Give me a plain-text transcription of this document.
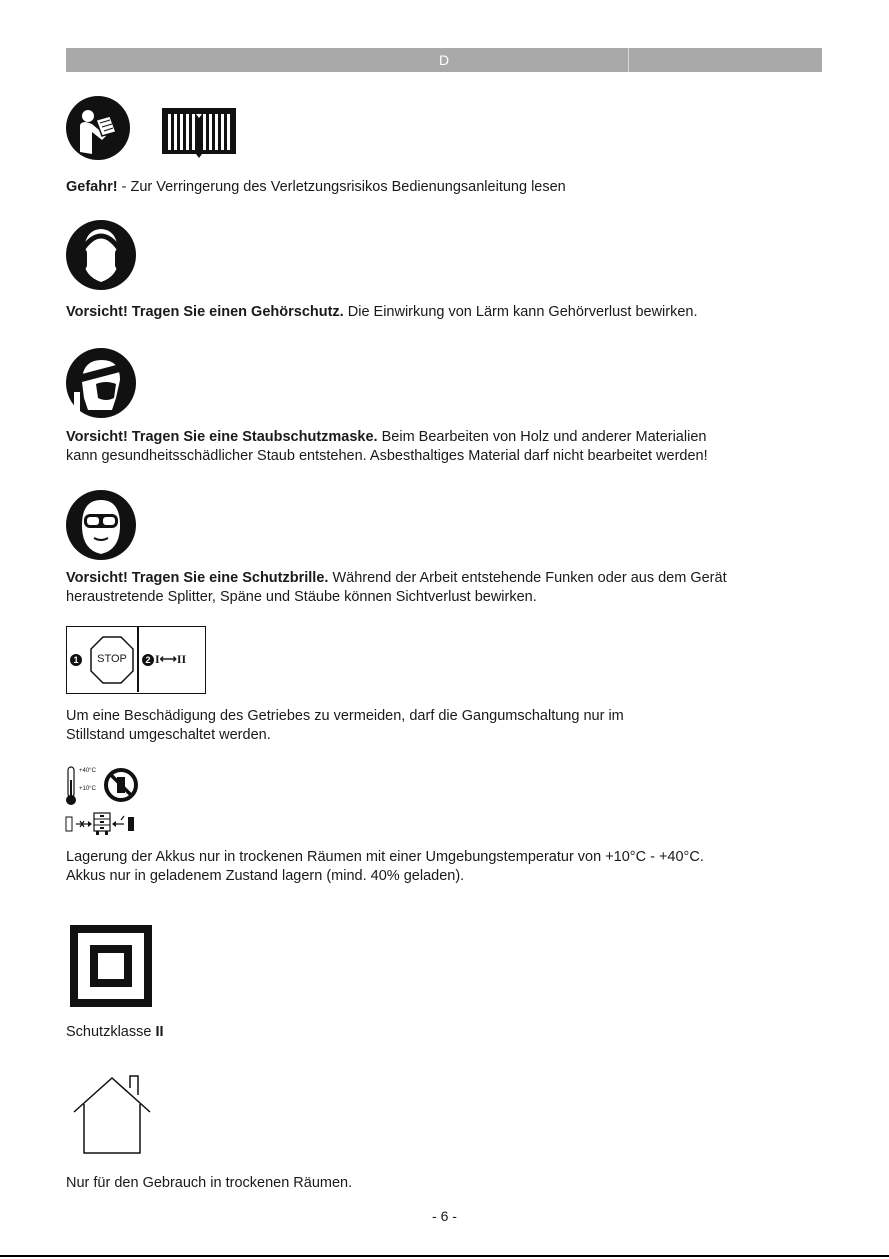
D
Gefahr! - Zur Verringerung des Verletzungsrisikos Bedienungsanleitung lesen
Vorsicht! Tragen Sie einen Gehörschutz. Die Einwirkung von Lärm kann Gehörverlust bewirken.
Vorsicht! Tragen Sie eine Staubschutzmaske. Beim Bearbeiten von Holz und anderer Materialien
kann gesundheitsschädlicher Staub entstehen. Asbesthaltiges Material darf nicht bearbeitet werden!
Vorsicht! Tragen Sie eine Schutzbrille. Während der Arbeit entstehende Funken oder aus dem Gerät
heraustretende Splitter, Späne und Stäube können Sichtverlust bewirken.
1	STOP	2 I⟷II
Um eine Beschädigung des Getriebes zu vermeiden, darf die Gangumschaltung nur im
Stillstand umgeschaltet werden.
+40°C
+10°C
Lagerung der Akkus nur in trockenen Räumen mit einer Umgebungstemperatur von +10°C - +40°C.
Akkus nur in geladenem Zustand lagern (mind. 40% geladen).
Schutzklasse II
Nur für den Gebrauch in trockenen Räumen.
- 6 -
